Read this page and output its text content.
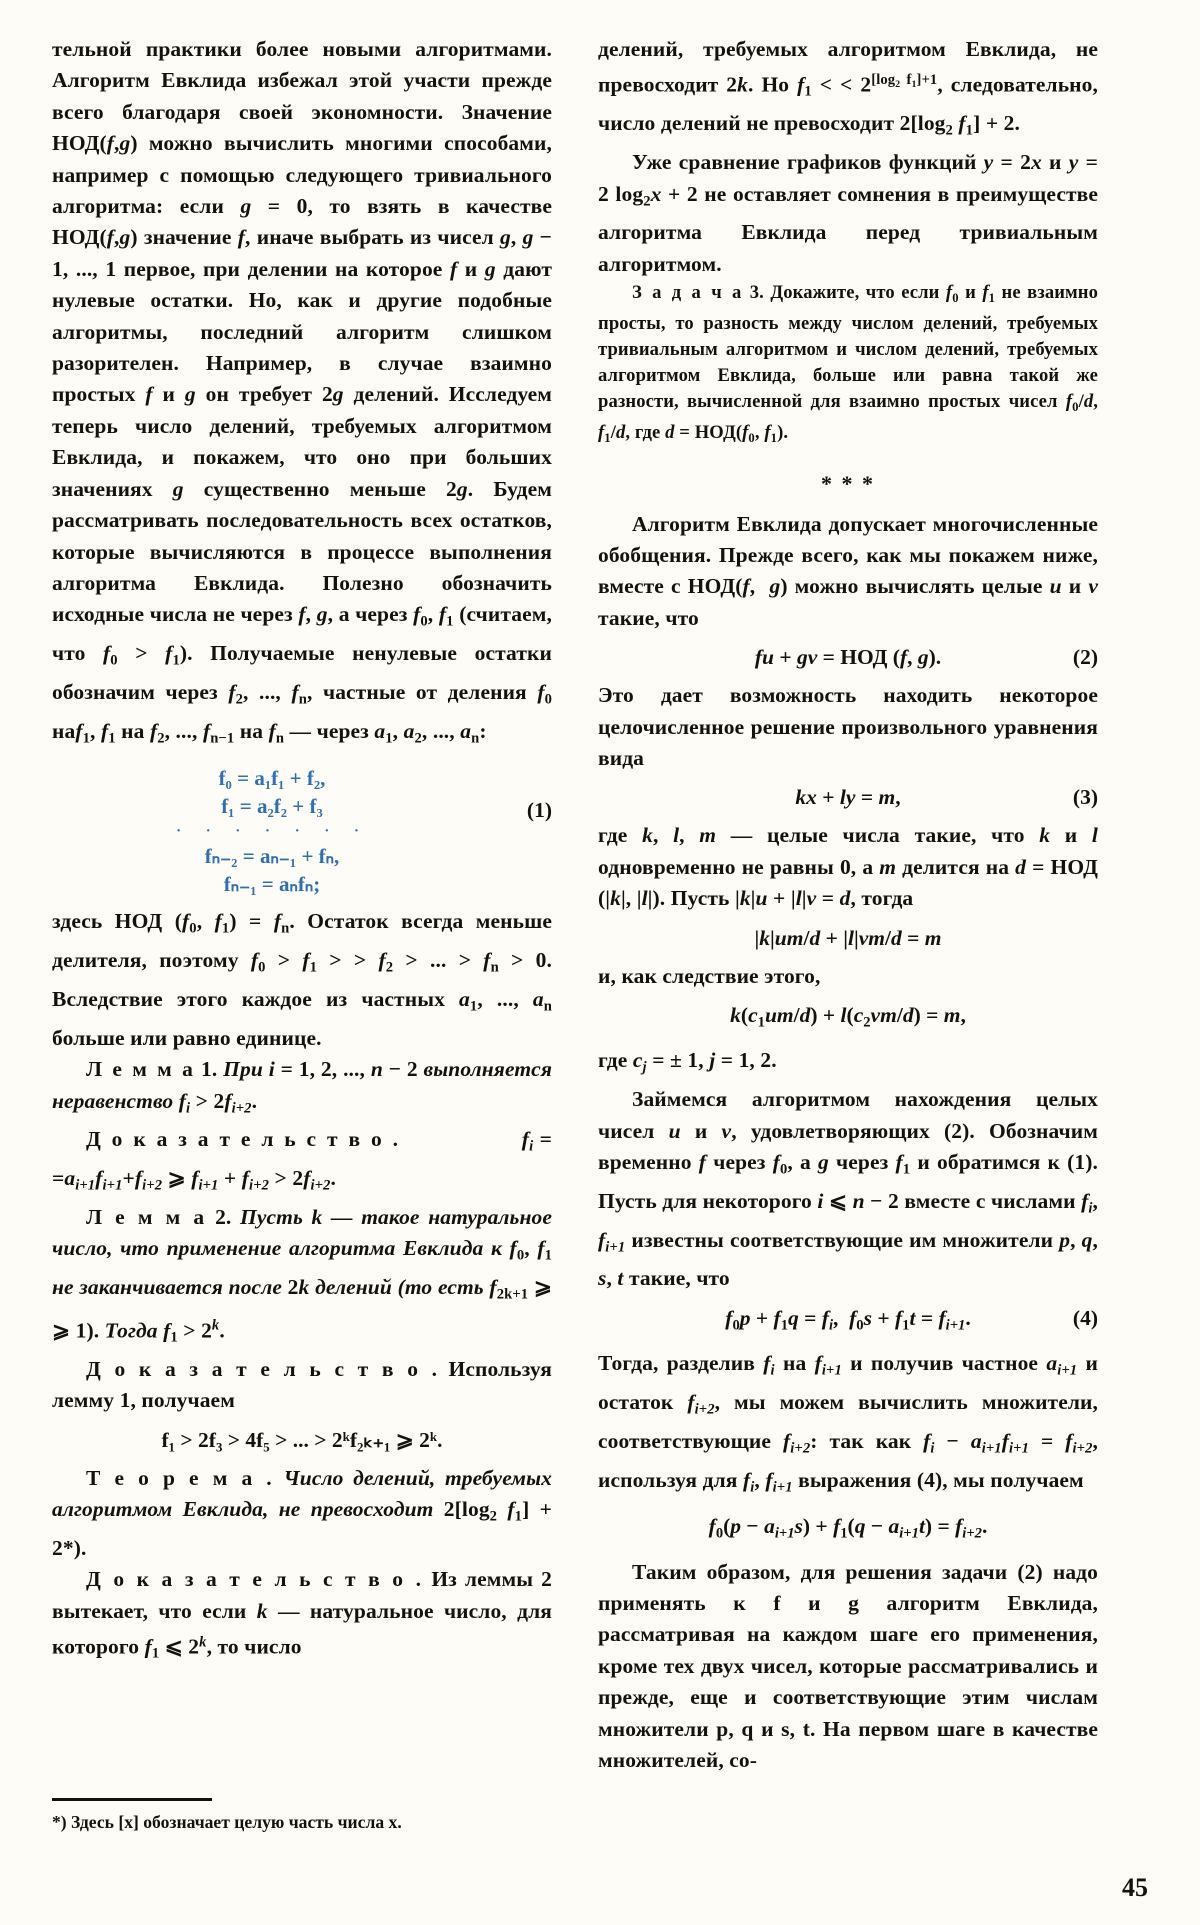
тельной практики более новыми алгоритмами. Алгоритм Евклида избежал этой участи прежде всего благодаря своей экономности. Значение НОД(f,g) можно вычислить многими способами, например с помощью следующего тривиального алгоритма: если g = 0, то взять в качестве НОД(f,g) значение f, иначе выбрать из чисел g, g − 1, ..., 1 первое, при делении на которое f и g дают нулевые остатки. Но, как и другие подобные алгоритмы, последний алгоритм слишком разорителен. Например, в случае взаимно простых f и g он требует 2g делений. Исследуем теперь число делений, требуемых алгоритмом Евклида, и покажем, что оно при больших значениях g существенно меньше 2g. Будем рассматривать последовательность всех остатков, которые вычисляются в процессе выполнения алгоритма Евклида. Полезно обозначить исходные числа не через f, g, а через $f_0$, $f_1$ (считаем, что $f_0 > f_1$). Получаемые ненулевые остатки обозначим через $f_2$, ..., $f_n$, частные от деления $f_0$ наf$_1$, $f_1$ на $f_2$, ..., $f_{n-1}$ на $f_n$ — через $a_1$, $a_2$, ..., $a_n$:

f₀ = a₁f₁ + f₂,
f₁ = a₂f₂ + f₃
· · · · · · ·
fₙ₋₂ = aₙ₋₁ + fₙ,
fₙ₋₁ = aₙfₙ;
(1)

здесь НОД ($f_0$, $f_1) = f_n$. Остаток всегда меньше делителя, поэтому $f_0 > f_1$ > > $f_2$ > ... > $f_n > 0$. Вследствие этого каждое из частных $a_1$, ..., $a_n$ больше или равно единице.

Л е м м а 1. При i = 1, 2, ..., n − 2 выполняется неравенство $f_i > 2f_{i+2}$.

Д о к а з а т е л ь с т в о .	$f_i = =a_{i+1}f_{i+1}+f_{i+2}$ ⩾ $f_{i+1} + f_{i+2} > 2f_{i+2}$.

Л е м м а 2. Пусть k — такое натуральное число, что применение алгоритма Евклида к $f_0$, $f_1$ не заканчивается после 2k делений (то есть $f_{2k+1}$ ⩾ ⩾ 1). Тогда $f_1 > 2^k$.

Д о к а з а т е л ь с т в о . Используя лемму 1, получаем

f₁ > 2f₃ > 4f₅ > ... > 2ᵏf₂ₖ₊₁ ⩾ 2ᵏ.

Т е о р е м а . Число делений, требуемых алгоритмом Евклида, не превосходит $2[\log_2$ $f_1] + 2*$).

Д о к а з а т е л ь с т в о . Из леммы 2 вытекает, что если k — натуральное число, для которого $f_1$ ⩽ 2$^k$, то число

*) Здесь [x] обозначает целую часть числа x.

делений, требуемых алгоритмом Евклида, не превосходит 2k. Но $f_1$ < < $2^{[log_2 f_1]+1}$, следовательно, число делений не превосходит $2[\log_2$ $f_1] + 2$.

Уже сравнение графиков функций y = 2x и y = 2 $\log_2x + 2$ не оставляет сомнения в преимуществе алгоритма Евклида перед тривиальным алгоритмом.

З а д а ч а 3. Докажите, что если $f_0$ и $f_1$ не взаимно просты, то разность между числом делений, требуемых тривиальным алгоритмом и числом делений, требуемых алгоритмом Евклида, больше или равна такой же разности, вычисленной для взаимно простых чисел $f_0/d$, $f_1/d$, где $d = НОД(f_0$, $f_1$).

* * *

Алгоритм Евклида допускает многочисленные обобщения. Прежде всего, как мы покажем ниже, вместе с НОД(f,  g) можно вычислять целые u и v такие, что

fu + gv = НОД (f, g).	(2)

Это дает возможность находить некоторое целочисленное решение произвольного уравнения вида

kx + ly = m,	(3)

где k, l, m — целые числа такие, что k и l одновременно не равны 0, а m делится на d = НОД (|k|, |l|). Пусть |k|u + |l|v = d, тогда

|k|um/d + |l|vm/d = m

и, как следствие этого,

$k(c_1um/d) + l(c_2vm/d) = m$,

где $c_j$ = ± 1, j = 1, 2.

Займемся алгоритмом нахождения целых чисел u и v, удовлетворяющих (2). Обозначим временно f через $f_0$, а g через $f_1$ и обратимся к (1). Пусть для некоторого i ⩽ n − 2 вместе с числами $f_i$, $f_{i+1}$ известны соответствующие им множители p, q, s, t такие, что

$f_0p + f_1q = f_i$,  $f_0s + f_1t = f_{i+1}$.	(4)

Тогда, разделив $f_i$ на $f_{i+1}$ и получив частное $a_{i+1}$ и остаток $f_{i+2}$, мы можем вычислить множители, соответствующие $f_{i+2}$: так как $f_i - a_{i+1}f_{i+1} = f_{i+2}$, используя для $f_i$, $f_{i+1}$ выражения (4), мы получаем

$f_0(p - a_{i+1}s) + f_1(q - a_{i+1}t) = f_{i+2}$.

Таким образом, для решения задачи (2) надо применять к f и g алгоритм Евклида, рассматривая на каждом шаге его применения, кроме тех двух чисел, которые рассматривались и прежде, еще и соответствующие этим числам множители p, q и s, t. На первом шаге в качестве множителей, со-

45
